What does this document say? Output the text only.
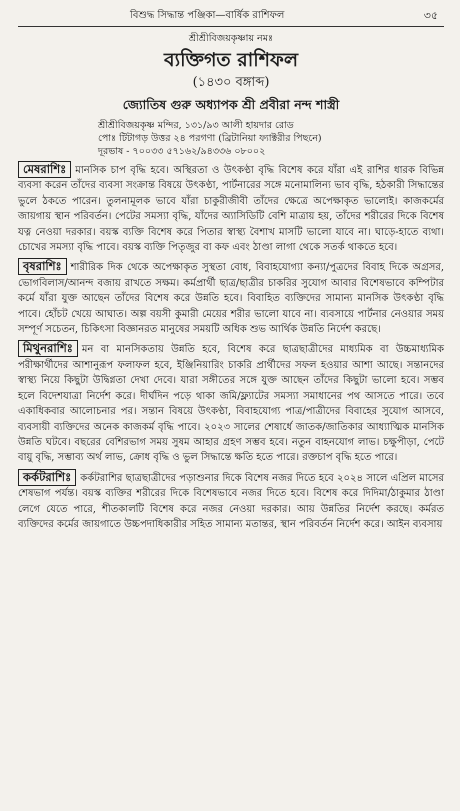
বিশুদ্ধ সিদ্ধান্ত পঞ্জিকা—বার্ষিক রাশিফল	৩৫
শ্রীশ্রীবিজয়কৃষ্ণায় নমঃ
ব্যক্তিগত রাশিফল
(১৪৩০ বঙ্গাব্দ)
জ্যোতিষ গুরু অধ্যাপক শ্রী প্রবীরা নন্দ শাস্ত্রী
শ্রীশ্রীবিজয়কৃষ্ণ মন্দির, ১৩১/৯৩ আলী হায়দার রোড
পোঃ টিটাগড় উত্তর ২৪ পরগণা (ব্রিটানিয়া ফ্যাক্টরীর পিছনে)
দূরভাষ - ৭০০৩৩ ৫৭১৬২/৯৪৩৩৬ ০৮০০২
মেষরাশিঃ মানসিক চাপ বৃদ্ধি হবে। অস্থিরতা ও উৎকণ্ঠা বৃদ্ধি বিশেষ করে যাঁরা এই রাশির ধারক বিভিন্ন ব্যবসা করেন তাঁদের ব্যবসা সংক্রান্ত বিষয়ে উৎকণ্ঠা, পার্টনারের সঙ্গে মনোমালিন্য ভাব বৃদ্ধি, হঠকারী সিদ্ধান্তের ভুলে ঠকতে পারেন। তুলনামূলক ভাবে যাঁরা চাকুরীজীবী তাঁদের ক্ষেত্রে অপেক্ষাকৃত ভালোই। কাজকর্মের জায়গায় স্থান পরিবর্তন। পেটের সমস্যা বৃদ্ধি, যাঁদের অ্যাসিডিটি বেশি মাত্রায় হয়, তাঁদের শরীরের দিকে বিশেষ যত্ন নেওয়া দরকার। বয়স্ক ব্যক্তি বিশেষ করে পিতার স্বাস্থ্য বৈশাখ মাসটি ভালো যাবে না। ঘাড়ে-হাতে ব্যথা। চোখের সমস্যা বৃদ্ধি পাবে। বয়স্ক ব্যক্তি পিতৃজুর বা কফ এবং ঠাণ্ডা লাগা থেকে সতর্ক থাকতে হবে।
বৃষরাশিঃ শারীরিক দিক থেকে অপেক্ষাকৃত সুস্থতা বোধ, বিবাহযোগ্যা কন্যা/পুত্রদের বিবাহ দিকে অগ্রসর, ভোগবিলাস/আনন্দ বজায় রাখতে সক্ষম। কর্মপ্রার্থী ছাত্র/ছাত্রীর চাকরির সুযোগ আবার বিশেষভাবে কম্পিটার কর্মে যাঁরা যুক্ত আছেন তাঁদের বিশেষ করে উন্নতি হবে। বিবাহিত ব্যক্তিদের সামান্য মানসিক উৎকণ্ঠা বৃদ্ধি পাবে। হোঁচট খেয়ে আঘাত। অল্প বয়সী কুমারী মেয়ের শরীর ভালো যাবে না। ব্যবসায়ে পার্টনার নেওয়ার সময় সম্পূর্ণ সচেতন, চিকিৎসা বিজ্ঞানরত মানুষের সময়টি অধিক শুভ আর্থিক উন্নতি নির্দেশ করছে।
মিথুনরাশিঃ মন বা মানসিকতায় উন্নতি হবে, বিশেষ করে ছাত্রছাত্রীদের মাধ্যমিক বা উচ্চমাধ্যমিক পরীক্ষার্থীদের আশানুরূপ ফলাফল হবে, ইঞ্জিনিয়ারিং চাকরি প্রার্থীদের সফল হওয়ার আশা আছে। সন্তানদের স্বাস্থ্য নিয়ে কিছুটা উদ্বিগ্নতা দেখা দেবে। যারা সঙ্গীতের সঙ্গে যুক্ত আছেন তাঁদের কিছুটা ভালো হবে। সম্ভব হলে বিদেশযাত্রা নির্দেশ করে। দীর্ঘদিন পড়ে থাকা জমি/ফ্ল্যাটের সমস্যা সমাধানের পথ আসতে পারে। তবে একাধিকবার আলোচনার পর। সন্তান বিষয়ে উৎকণ্ঠা, বিবাহযোগ্য পাত্র/পাত্রীদের বিবাহের সুযোগ আসবে, ব্যবসায়ী ব্যক্তিদের অনেক কাজকর্ম বৃদ্ধি পাবে। ২০২৩ সালের শেষার্ধে জাতক/জাতিকার আধ্যাত্মিক মানসিক উন্নতি ঘটবে। বছরের বেশিরভাগ সময় সুষম আহার গ্রহণ সম্ভব হবে। নতুন বাহনযোগ লাভ। চক্ষুপীড়া, পেটে বায়ু বৃদ্ধি, সম্ভাব্য অর্থ লাভ, ক্রোধ বৃদ্ধি ও ভুল সিদ্ধান্তে ক্ষতি হতে পারে। রক্তচাপ বৃদ্ধি হতে পারে।
কর্কটরাশিঃ কর্কটরাশির ছাত্রছাত্রীদের পড়াশুনার দিকে বিশেষ নজর দিতে হবে ২০২৪ সালে এপ্রিল মাসের শেষভাগ পর্যন্ত। বয়স্ক ব্যক্তির শরীরের দিকে বিশেষভাবে নজর দিতে হবে। বিশেষ করে দিদিমা/ঠাকুমার ঠাণ্ডা লেগে যেতে পারে, শীতকালটি বিশেষ করে নজর নেওয়া দরকার। আয় উন্নতির নির্দেশ করছে। কর্মরত ব্যক্তিদের কর্মের জায়গাতে উচ্চপদাধিকারীর সহিত সামান্য মতান্তর, স্থান পরিবর্তন নির্দেশ করে। আইন ব্যবসায়
